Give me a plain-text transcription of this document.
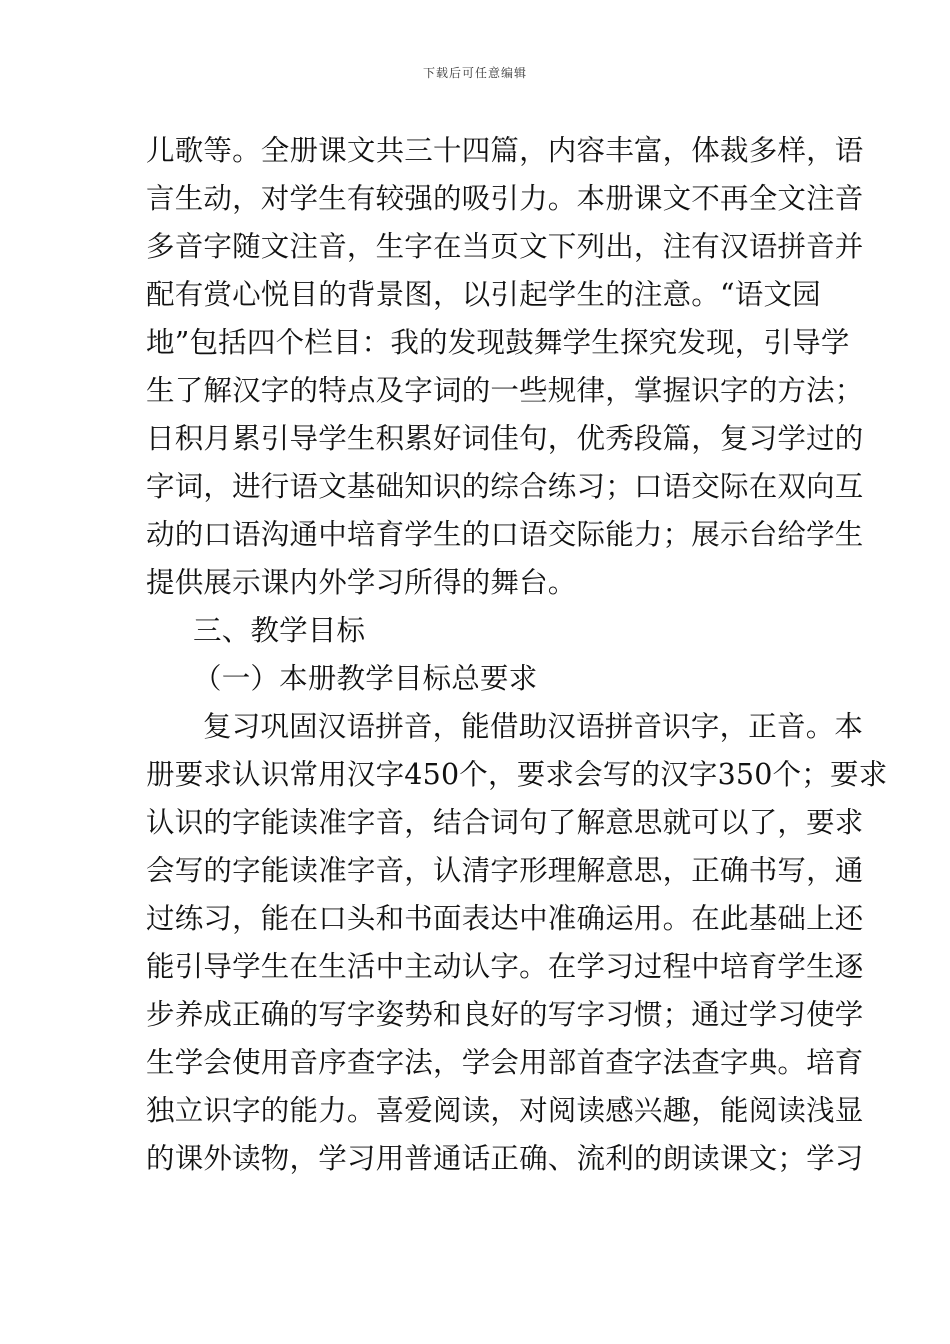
下载后可任意编辑
儿歌等。全册课文共三十四篇，内容丰富，体裁多样，语
言生动，对学生有较强的吸引力。本册课文不再全文注音
多音字随文注音，生字在当页文下列出，注有汉语拼音并
配有赏心悦目的背景图，以引起学生的注意。“语文园
地”包括四个栏目：我的发现鼓舞学生探究发现，引导学
生了解汉字的特点及字词的一些规律，掌握识字的方法；
日积月累引导学生积累好词佳句，优秀段篇，复习学过的
字词，进行语文基础知识的综合练习；口语交际在双向互
动的口语沟通中培育学生的口语交际能力；展示台给学生
提供展示课内外学习所得的舞台。
三、教学目标
（一）本册教学目标总要求
复习巩固汉语拼音，能借助汉语拼音识字，正音。本
册要求认识常用汉字450个，要求会写的汉字350个；要求
认识的字能读准字音，结合词句了解意思就可以了，要求
会写的字能读准字音，认清字形理解意思，正确书写，通
过练习，能在口头和书面表达中准确运用。在此基础上还
能引导学生在生活中主动认字。在学习过程中培育学生逐
步养成正确的写字姿势和良好的写字习惯；通过学习使学
生学会使用音序查字法，学会用部首查字法查字典。培育
独立识字的能力。喜爱阅读，对阅读感兴趣，能阅读浅显
的课外读物，学习用普通话正确、流利的朗读课文；学习
